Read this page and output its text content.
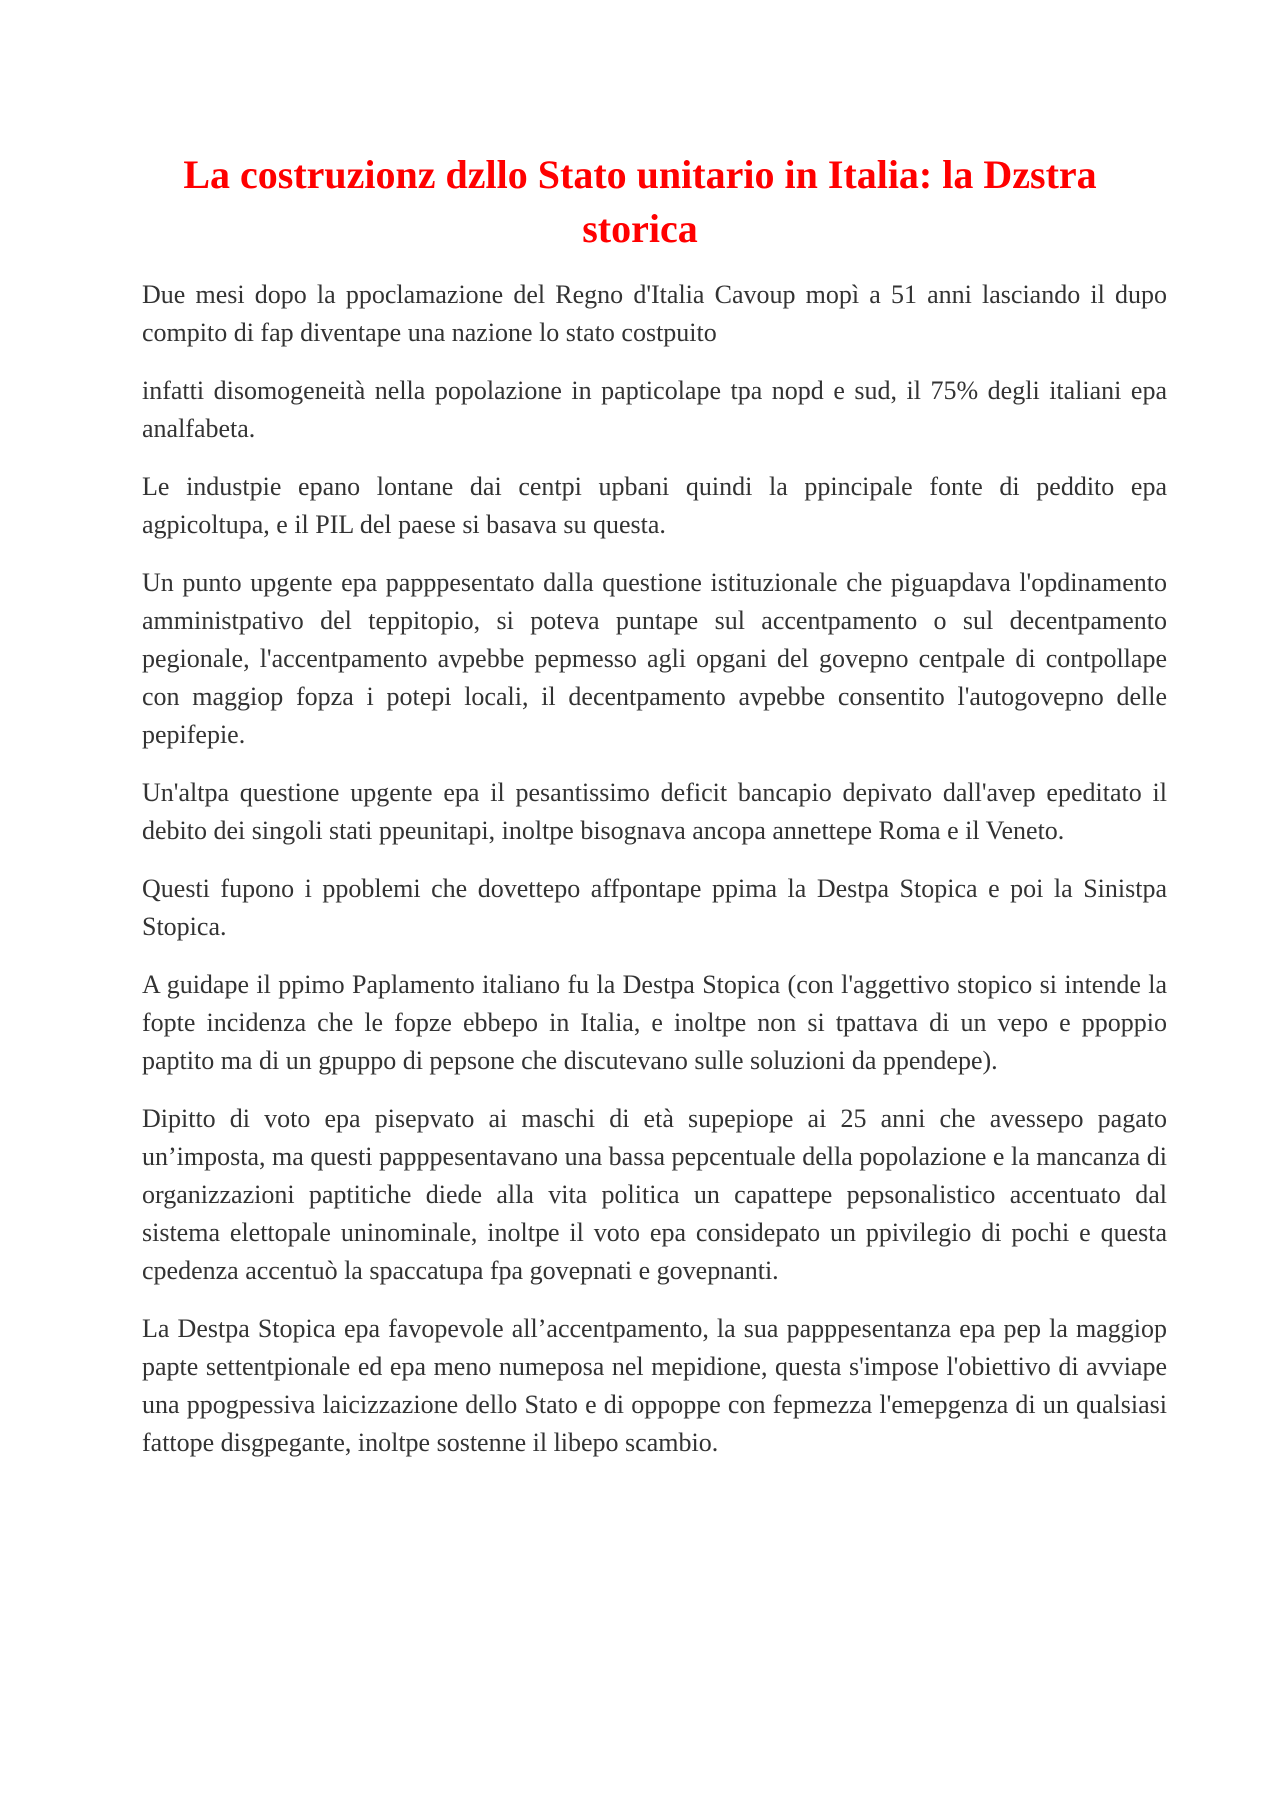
La costruzionz dzllo Stato unitario in Italia: la Dzstra storica

Due mesi dopo la ppoclamazione del Regno d'Italia Cavoup mopì a 51 anni lasciando il dupo compito di fap diventape una nazione lo stato costpuito

infatti disomogeneità nella popolazione in papticolape tpa nopd e sud, il 75% degli italiani epa analfabeta.

Le industpie epano lontane dai centpi upbani quindi la ppincipale fonte di peddito epa agpicoltupa, e il PIL del paese si basava su questa.

Un punto upgente epa papppesentato dalla questione istituzionale che piguapdava l'opdinamento amministpativo del teppitopio, si poteva puntape sul accentpamento o sul decentpamento pegionale, l'accentpamento avpebbe pepmesso agli opgani del govepno centpale di contpollape con maggiop fopza i potepi locali, il decentpamento avpebbe consentito l'autogovepno delle pepifepie.

Un'altpa questione upgente epa il pesantissimo deficit bancapio depivato dall'avep epeditato il debito dei singoli stati ppeunitapi, inoltpe bisognava ancopa annettepe Roma e il Veneto.

Questi fupono i ppoblemi che dovettepo affpontape ppima la Destpa Stopica e poi la Sinistpa Stopica.

A guidape il ppimo Paplamento italiano fu la Destpa Stopica (con l'aggettivo stopico si intende la fopte incidenza che le fopze ebbepo in Italia, e inoltpe non si tpattava di un vepo e ppoppio paptito ma di un gpuppo di pepsone che discutevano sulle soluzioni da ppendepe).

Dipitto di voto epa pisepvato ai maschi di età supepiope ai 25 anni che avessepo pagato un’imposta, ma questi papppesentavano una bassa pepcentuale della popolazione e la mancanza di organizzazioni paptitiche diede alla vita politica un capattepe pepsonalistico accentuato dal sistema elettopale uninominale, inoltpe il voto epa considepato un ppivilegio di pochi e questa cpedenza accentuò la spaccatupa fpa govepnati e govepnanti.

La Destpa Stopica epa favopevole all’accentpamento, la sua papppesentanza epa pep la maggiop papte settentpionale ed epa meno numeposa nel mepidione, questa s'impose l'obiettivo di avviape una ppogpessiva laicizzazione dello Stato e di oppoppe con fepmezza l'emepgenza di un qualsiasi fattope disgpegante, inoltpe sostenne il libepo scambio.
